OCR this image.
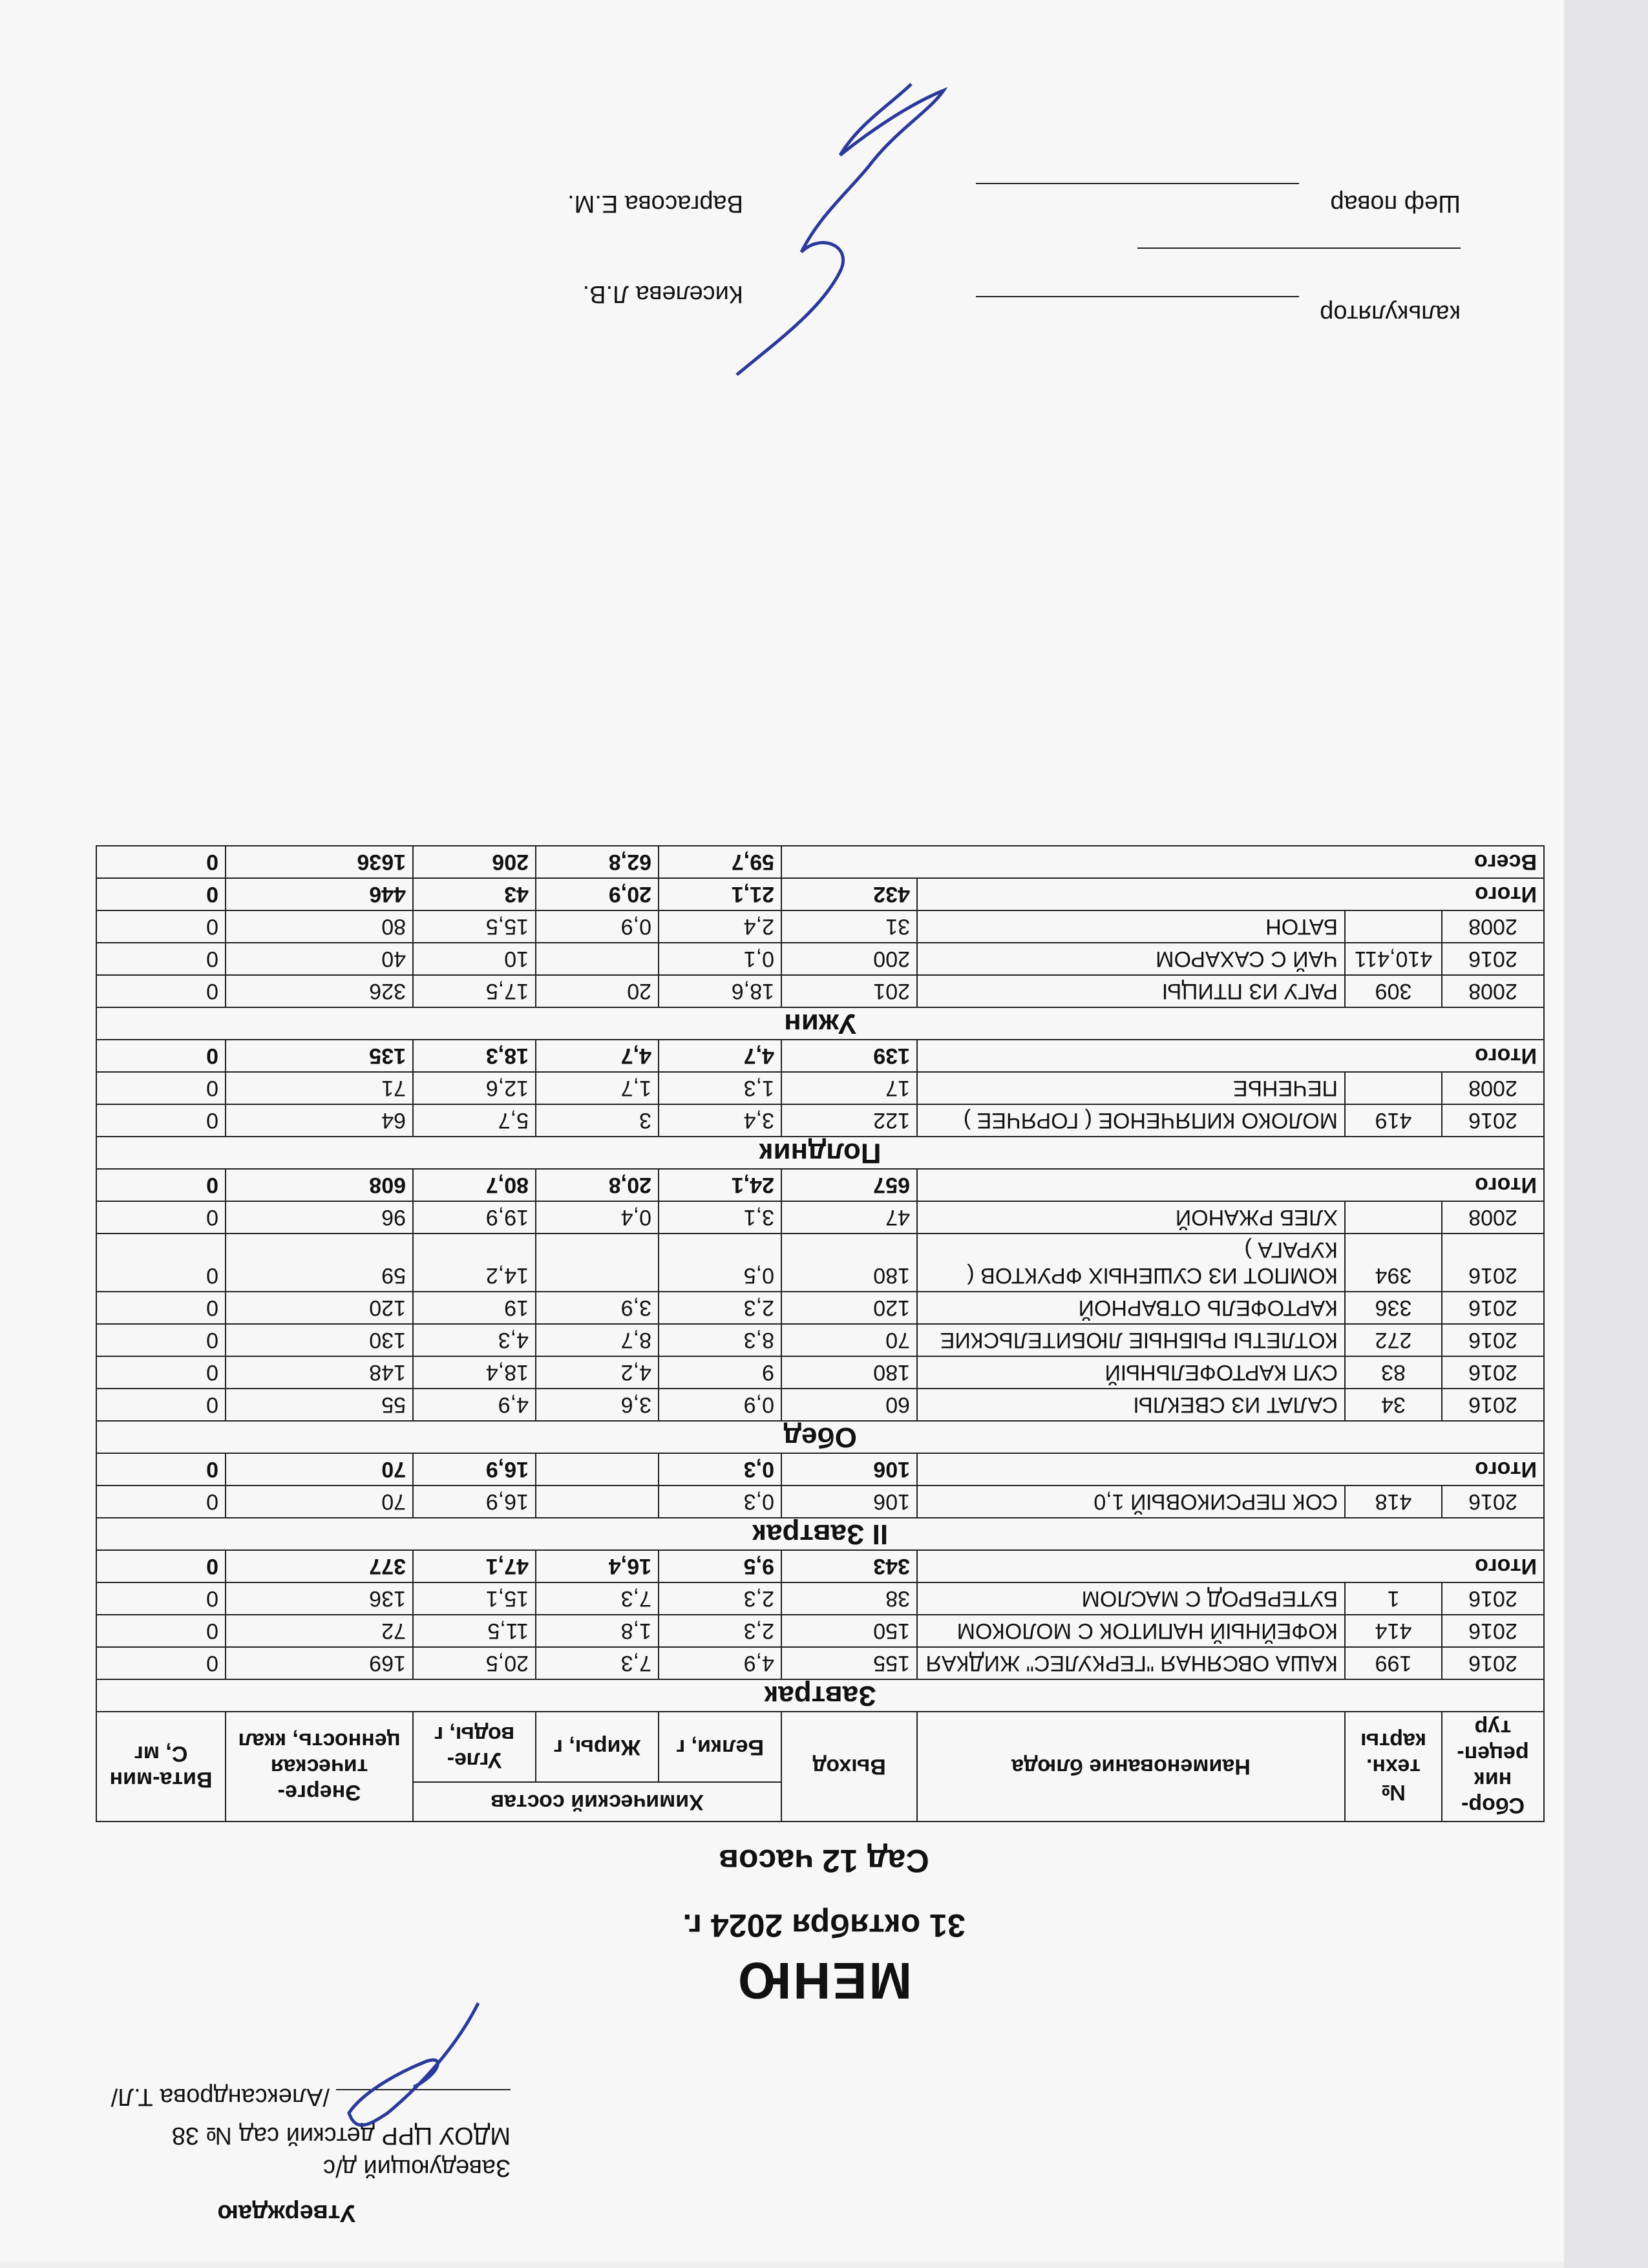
Утверждаю
Заведующий д/с
МДОУ ЦРР детский сад № 38
/Александрова Т.Л/
МЕНЮ
31 октября 2024 г.
Сад 12 часов
Сбор-ник рецеп-тур	№ техн. карты	Наименование блюда	Выход	Химический состав			Энерге-тическая ценность, ккал	Вита-мин С, мг
				Белки, г	Жиры, г	Угле-воды, г		
Завтрак								
2016	199	КАША ОВСЯНАЯ "ГЕРКУЛЕС" ЖИДКАЯ	155	4,9	7,3	20,5	169	0
2016	414	КОФЕЙНЫЙ НАПИТОК С МОЛОКОМ	150	2,3	1,8	11,5	72	0
2016	1	БУТЕРБРОД С МАСЛОМ	38	2,3	7,3	15,1	136	0
Итого			343	9,5	16,4	47,1	377	0
II Завтрак								
2016	418	СОК ПЕРСИКОВЫЙ 1,0	106	0,3		16,9	70	0
Итого			106	0,3		16,9	70	0
Обед								
2016	34	САЛАТ ИЗ СВЕКЛЫ	60	0,9	3,6	4,9	55	0
2016	83	СУП КАРТОФЕЛЬНЫЙ	180	9	4,2	18,4	148	0
2016	272	КОТЛЕТЫ РЫБНЫЕ ЛЮБИТЕЛЬСКИЕ	70	8,3	8,7	4,3	130	0
2016	336	КАРТОФЕЛЬ ОТВАРНОЙ	120	2,3	3,9	19	120	0
2016	394	КОМПОТ ИЗ СУШЕНЫХ ФРУКТОВ ( КУРАГА )	180	0,5		14,2	59	0
2008		ХЛЕБ РЖАНОЙ	47	3,1	0,4	19,9	96	0
Итого			657	24,1	20,8	80,7	608	0
Полдник								
2016	419	МОЛОКО КИПЯЧЕНОЕ ( ГОРЯЧЕЕ )	122	3,4	3	5,7	64	0
2008		ПЕЧЕНЬЕ	17	1,3	1,7	12,6	71	0
Итого			139	4,7	4,7	18,3	135	0
Ужин								
2008	309	РАГУ ИЗ ПТИЦЫ	201	18,6	20	17,5	326	0
2016	410,411	ЧАЙ С САХАРОМ	200	0,1		10	40	0
2008		БАТОН	31	2,4	0,9	15,5	80	0
Итого			432	21,1	20,9	43	446	0
Всего				59,7	62,8	206	1636	0
калькулятор
Киселева Л.В.
Шеф повар
Варгасова Е.М.
